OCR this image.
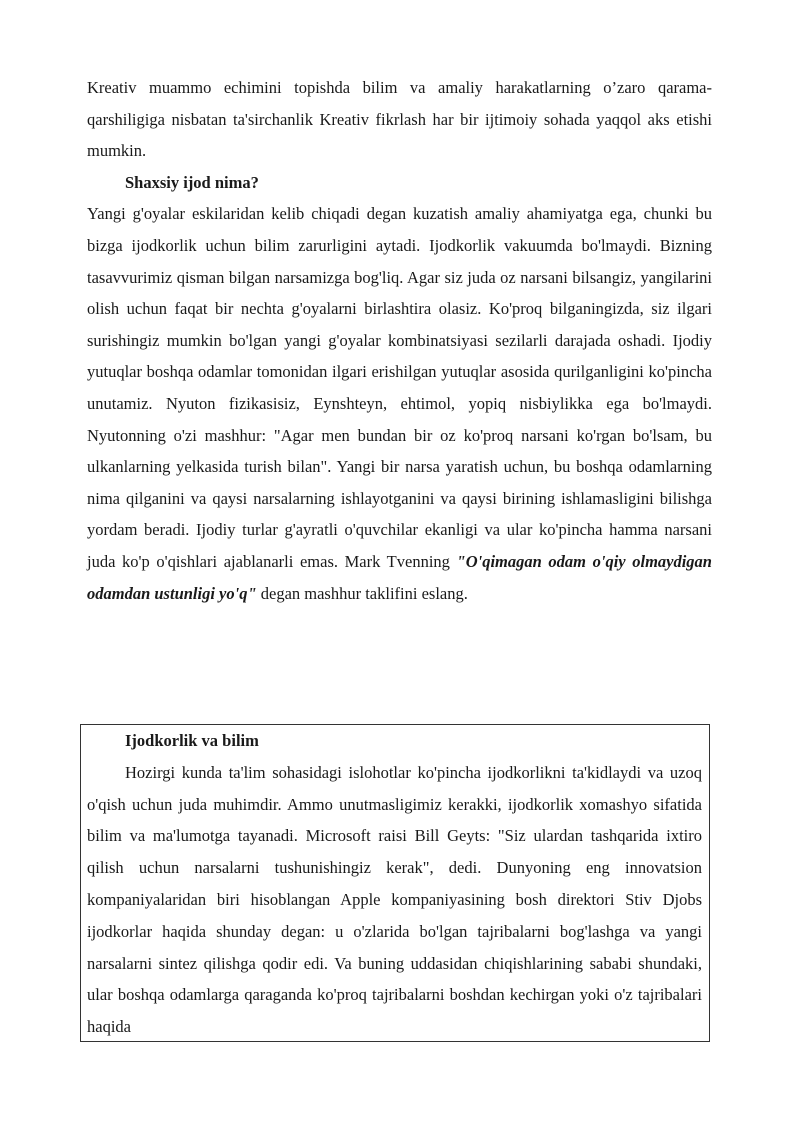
Kreativ muammo echimini topishda bilim va amaliy harakatlarning o’zaro qarama-qarshiligiga nisbatan ta'sirchanlik Kreativ fikrlash har bir ijtimoiy sohada yaqqol aks etishi mumkin.

Shaxsiy ijod nima?

Yangi g'oyalar eskilaridan kelib chiqadi degan kuzatish amaliy ahamiyatga ega, chunki bu bizga ijodkorlik uchun bilim zarurligini aytadi. Ijodkorlik vakuumda bo'lmaydi. Bizning tasavvurimiz qisman bilgan narsamizga bog'liq. Agar siz juda oz narsani bilsangiz, yangilarini olish uchun faqat bir nechta g'oyalarni birlashtira olasiz. Ko'proq bilganingizda, siz ilgari surishingiz mumkin bo'lgan yangi g'oyalar kombinatsiyasi sezilarli darajada oshadi. Ijodiy yutuqlar boshqa odamlar tomonidan ilgari erishilgan yutuqlar asosida qurilganligini ko'pincha unutamiz. Nyuton fizikasisiz, Eynshteyn, ehtimol, yopiq nisbiylikka ega bo'lmaydi. Nyutonning o'zi mashhur: "Agar men bundan bir oz ko'proq narsani ko'rgan bo'lsam, bu ulkanlarning yelkasida turish bilan". Yangi bir narsa yaratish uchun, bu boshqa odamlarning nima qilganini va qaysi narsalarning ishlayotganini va qaysi birining ishlamasligini bilishga yordam beradi. Ijodiy turlar g'ayratli o'quvchilar ekanligi va ular ko'pincha hamma narsani juda ko'p o'qishlari ajablanarli emas. Mark Tvenning "O'qimagan odam o'qiy olmaydigan odamdan ustunligi yo'q" degan mashhur taklifini eslang.

Ijodkorlik va bilim

Hozirgi kunda ta'lim sohasidagi islohotlar ko'pincha ijodkorlikni ta'kidlaydi va uzoq o'qish uchun juda muhimdir. Ammo unutmasligimiz kerakki, ijodkorlik xomashyo sifatida bilim va ma'lumotga tayanadi. Microsoft raisi Bill Geyts: "Siz ulardan tashqarida ixtiro qilish uchun narsalarni tushunishingiz kerak", dedi. Dunyoning eng innovatsion kompaniyalaridan biri hisoblangan Apple kompaniyasining bosh direktori Stiv Djobs ijodkorlar haqida shunday degan: u o'zlarida bo'lgan tajribalarni bog'lashga va yangi narsalarni sintez qilishga qodir edi. Va buning uddasidan chiqishlarining sababi shundaki, ular boshqa odamlarga qaraganda ko'proq tajribalarni boshdan kechirgan yoki o'z tajribalari haqida
